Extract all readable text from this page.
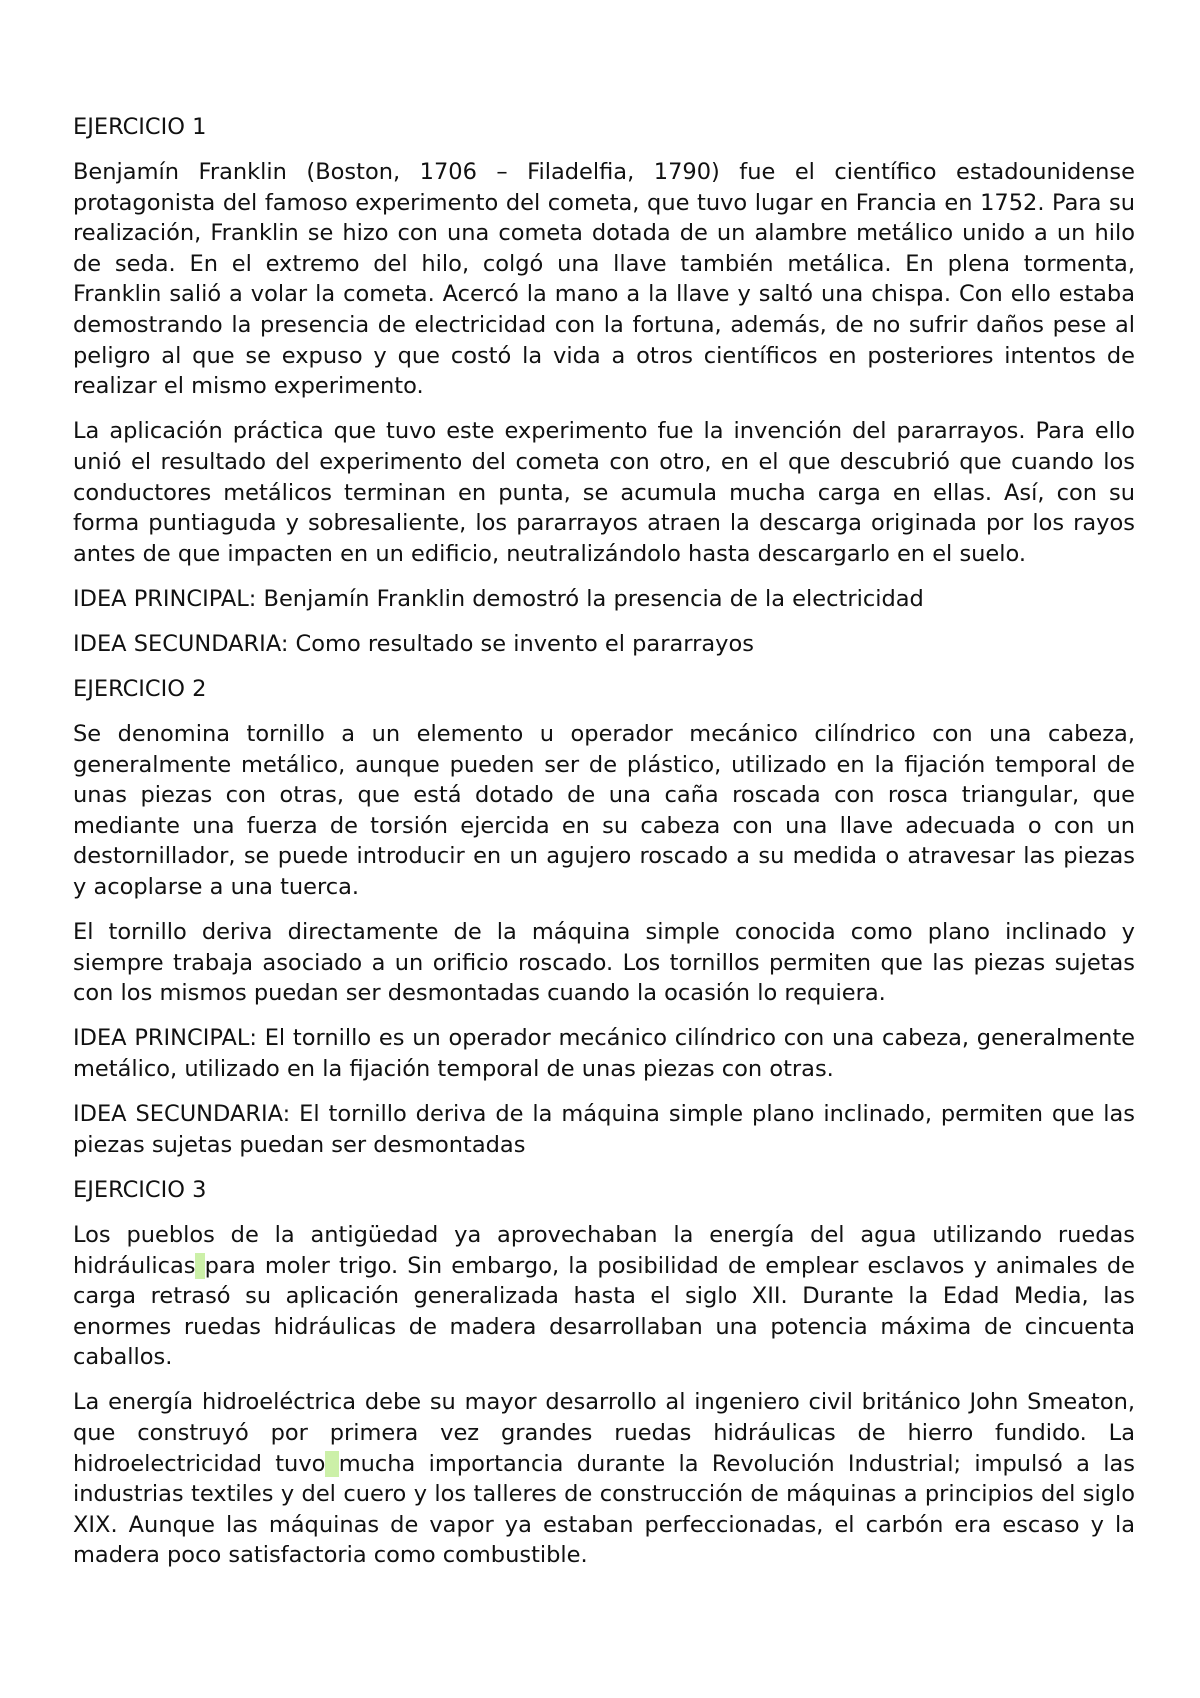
EJERCICIO 1

Benjamín Franklin (Boston, 1706 – Filadelfia, 1790) fue el científico estadounidense protagonista del famoso experimento del cometa, que tuvo lugar en Francia en 1752. Para su realización, Franklin se hizo con una cometa dotada de un alambre metálico unido a un hilo de seda. En el extremo del hilo, colgó una llave también metálica. En plena tormenta, Franklin salió a volar la cometa. Acercó la mano a la llave y saltó una chispa. Con ello estaba demostrando la presencia de electricidad con la fortuna, además, de no sufrir daños pese al peligro al que se expuso y que costó la vida a otros científicos en posteriores intentos de realizar el mismo experimento.

La aplicación práctica que tuvo este experimento fue la invención del pararrayos. Para ello unió el resultado del experimento del cometa con otro, en el que descubrió que cuando los conductores metálicos terminan en punta, se acumula mucha carga en ellas. Así, con su forma puntiaguda y sobresaliente, los pararrayos atraen la descarga originada por los rayos antes de que impacten en un edificio, neutralizándolo hasta descargarlo en el suelo.

IDEA PRINCIPAL: Benjamín Franklin demostró la presencia de la electricidad

IDEA SECUNDARIA: Como resultado se invento el pararrayos

EJERCICIO 2

Se denomina tornillo a un elemento u operador mecánico cilíndrico con una cabeza, generalmente metálico, aunque pueden ser de plástico, utilizado en la fijación temporal de unas piezas con otras, que está dotado de una caña roscada con rosca triangular, que mediante una fuerza de torsión ejercida en su cabeza con una llave adecuada o con un destornillador, se puede introducir en un agujero roscado a su medida o atravesar las piezas y acoplarse a una tuerca.

El tornillo deriva directamente de la máquina simple conocida como plano inclinado y siempre trabaja asociado a un orificio roscado. Los tornillos permiten que las piezas sujetas con los mismos puedan ser desmontadas cuando la ocasión lo requiera.

IDEA PRINCIPAL: El tornillo es un operador mecánico cilíndrico con una cabeza, generalmente metálico, utilizado en la fijación temporal de unas piezas con otras.

IDEA SECUNDARIA: El tornillo deriva de la máquina simple plano inclinado, permiten que las piezas sujetas puedan ser desmontadas

EJERCICIO 3

Los pueblos de la antigüedad ya aprovechaban la energía del agua utilizando ruedas hidráulicas para moler trigo. Sin embargo, la posibilidad de emplear esclavos y animales de carga retrasó su aplicación generalizada hasta el siglo XII. Durante la Edad Media, las enormes ruedas hidráulicas de madera desarrollaban una potencia máxima de cincuenta caballos.

La energía hidroeléctrica debe su mayor desarrollo al ingeniero civil británico John Smeaton, que construyó por primera vez grandes ruedas hidráulicas de hierro fundido. La hidroelectricidad tuvo mucha importancia durante la Revolución Industrial; impulsó a las industrias textiles y del cuero y los talleres de construcción de máquinas a principios del siglo XIX. Aunque las máquinas de vapor ya estaban perfeccionadas, el carbón era escaso y la madera poco satisfactoria como combustible.
